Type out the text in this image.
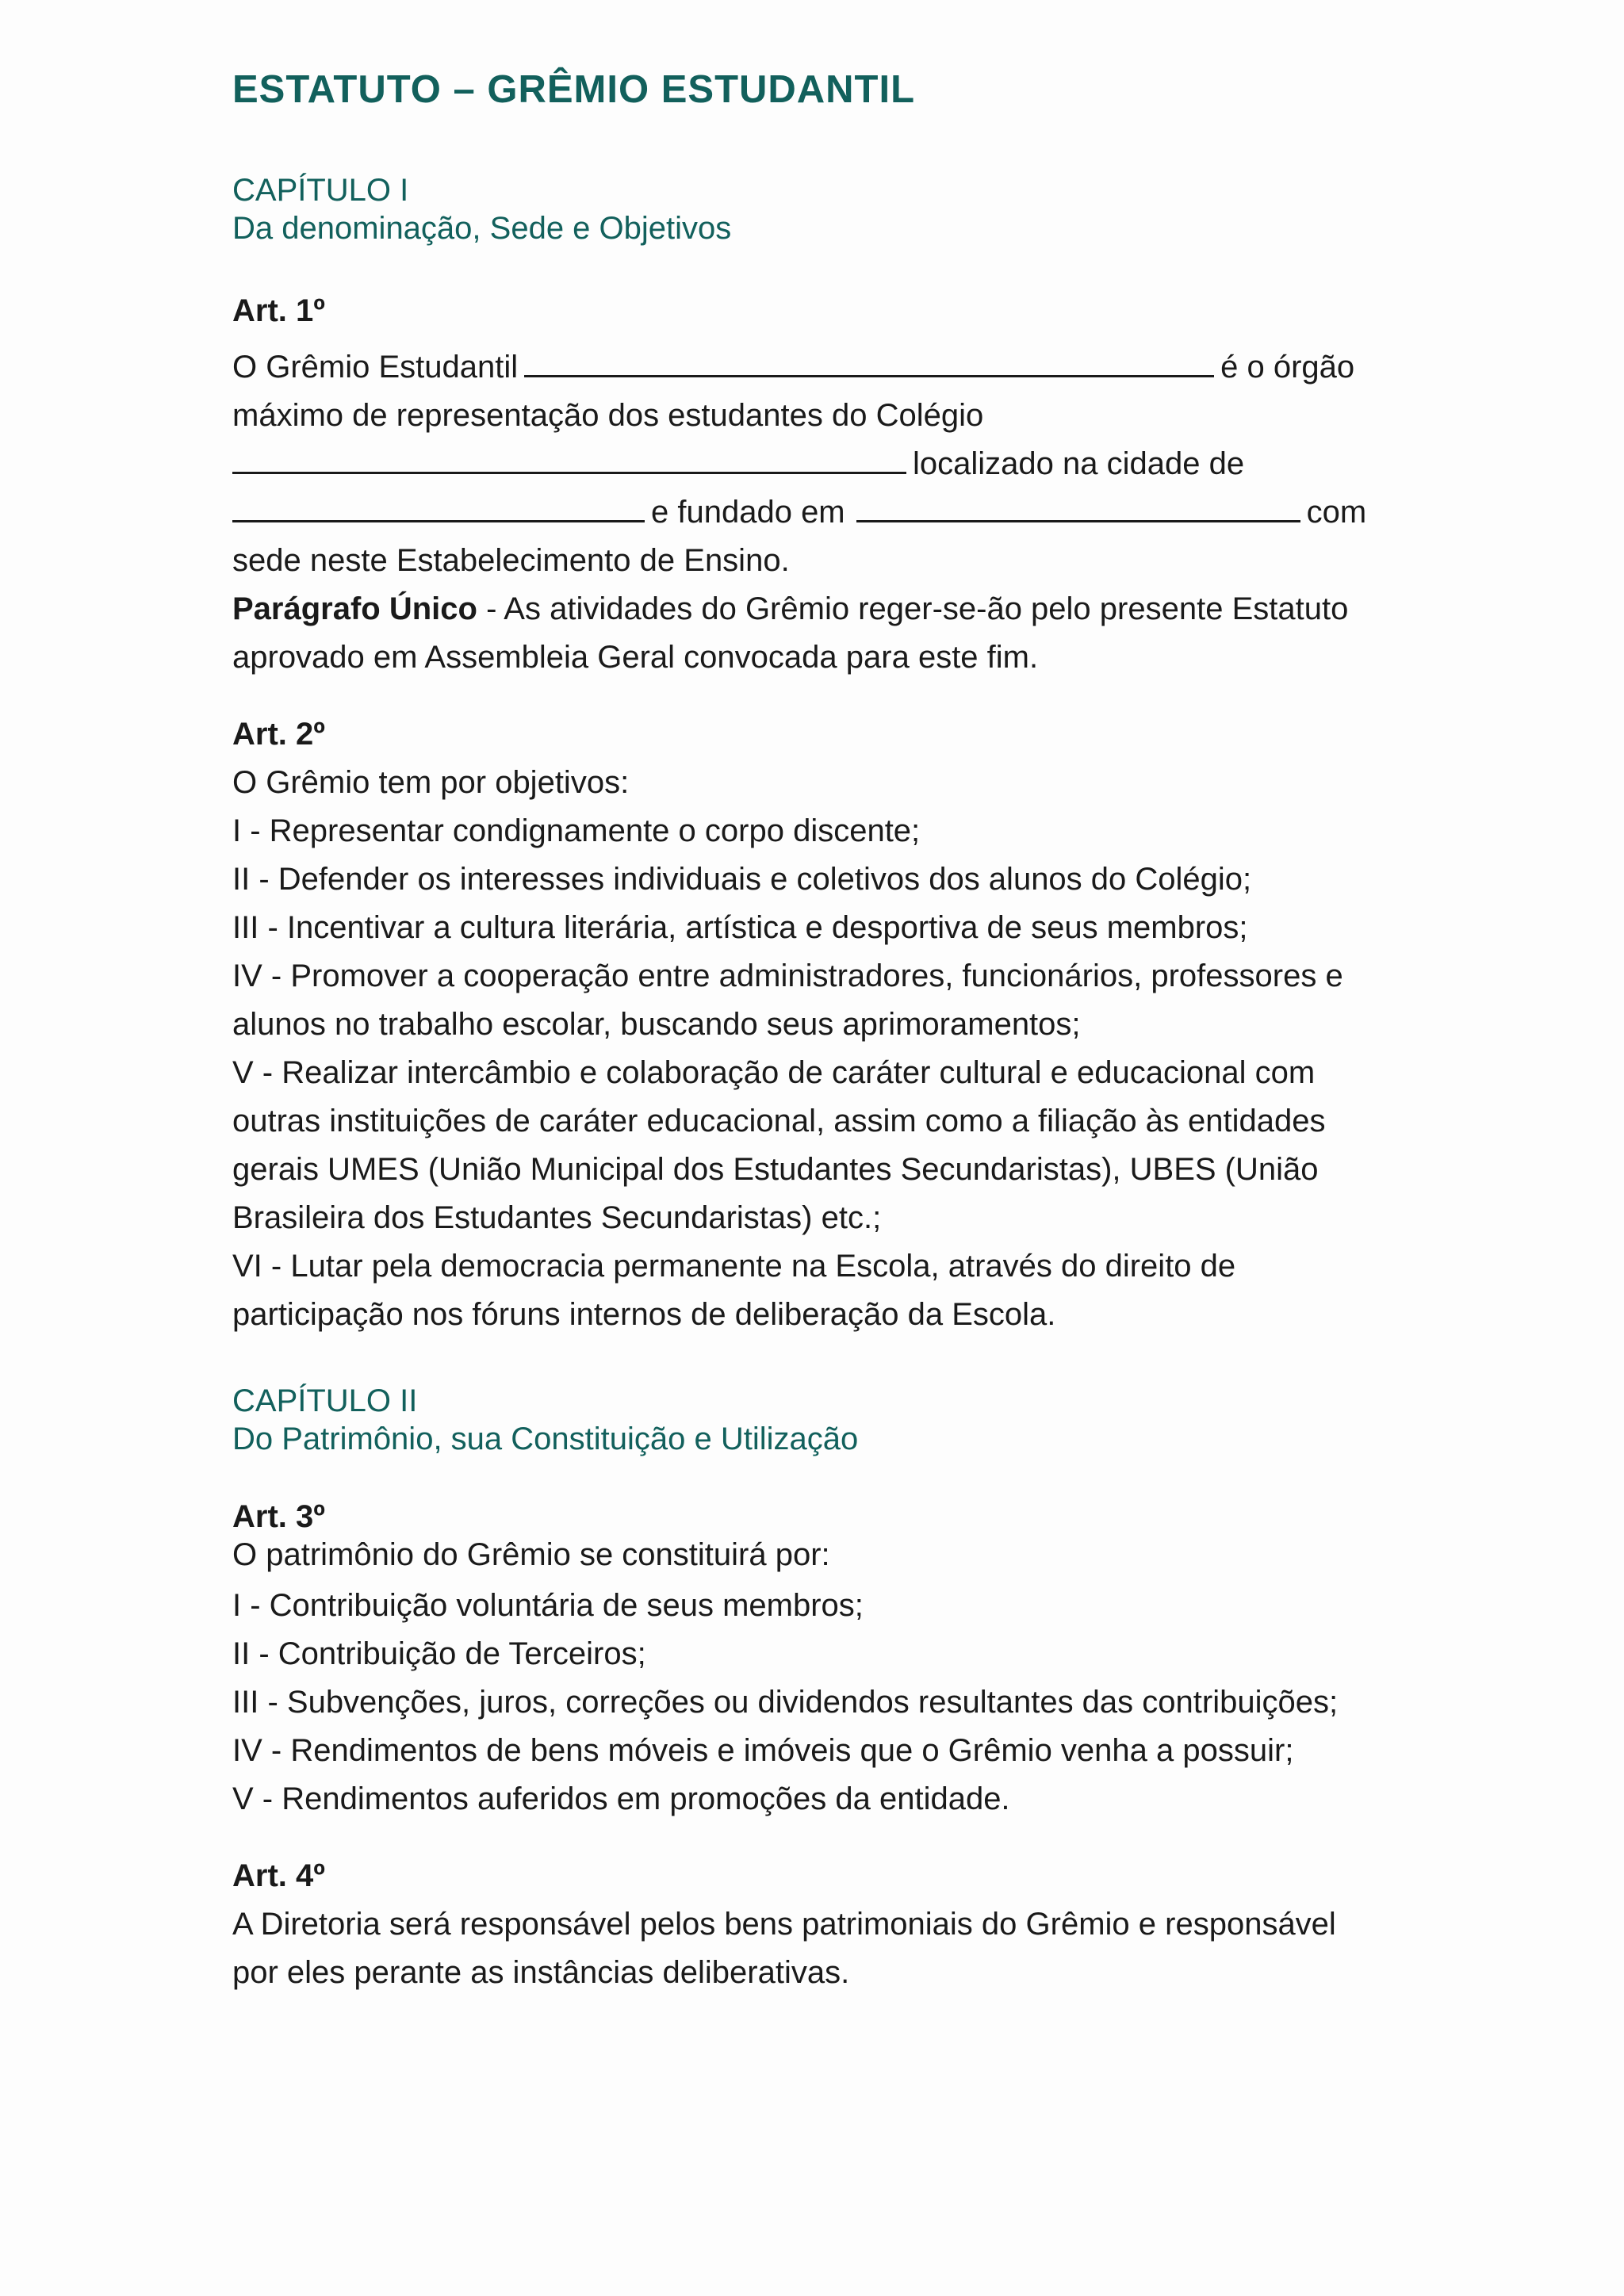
ESTATUTO – GRÊMIO ESTUDANTIL
CAPÍTULO I
Da denominação, Sede e Objetivos
Art. 1º
O Grêmio Estudantil	é o órgão
máximo de representação dos estudantes do Colégio
localizado na cidade de
e fundado em	com
sede neste Estabelecimento de Ensino.
Parágrafo Único - As atividades do Grêmio reger-se-ão pelo presente Estatuto
aprovado em Assembleia Geral convocada para este fim.
Art. 2º
O Grêmio tem por objetivos:
I - Representar condignamente o corpo discente;
II - Defender os interesses individuais e coletivos dos alunos do Colégio;
III - Incentivar a cultura literária, artística e desportiva de seus membros;
IV - Promover a cooperação entre administradores, funcionários, professores e
alunos no trabalho escolar, buscando seus aprimoramentos;
V - Realizar intercâmbio e colaboração de caráter cultural e educacional com
outras instituições de caráter educacional, assim como a filiação às entidades
gerais UMES (União Municipal dos Estudantes Secundaristas), UBES (União
Brasileira dos Estudantes Secundaristas) etc.;
VI - Lutar pela democracia permanente na Escola, através do direito de
participação nos fóruns internos de deliberação da Escola.
CAPÍTULO II
Do Patrimônio, sua Constituição e Utilização
Art. 3º
O patrimônio do Grêmio se constituirá por:
I - Contribuição voluntária de seus membros;
II - Contribuição de Terceiros;
III - Subvenções, juros, correções ou dividendos resultantes das contribuições;
IV - Rendimentos de bens móveis e imóveis que o Grêmio venha a possuir;
V - Rendimentos auferidos em promoções da entidade.
Art. 4º
A Diretoria será responsável pelos bens patrimoniais do Grêmio e responsável
por eles perante as instâncias deliberativas.
